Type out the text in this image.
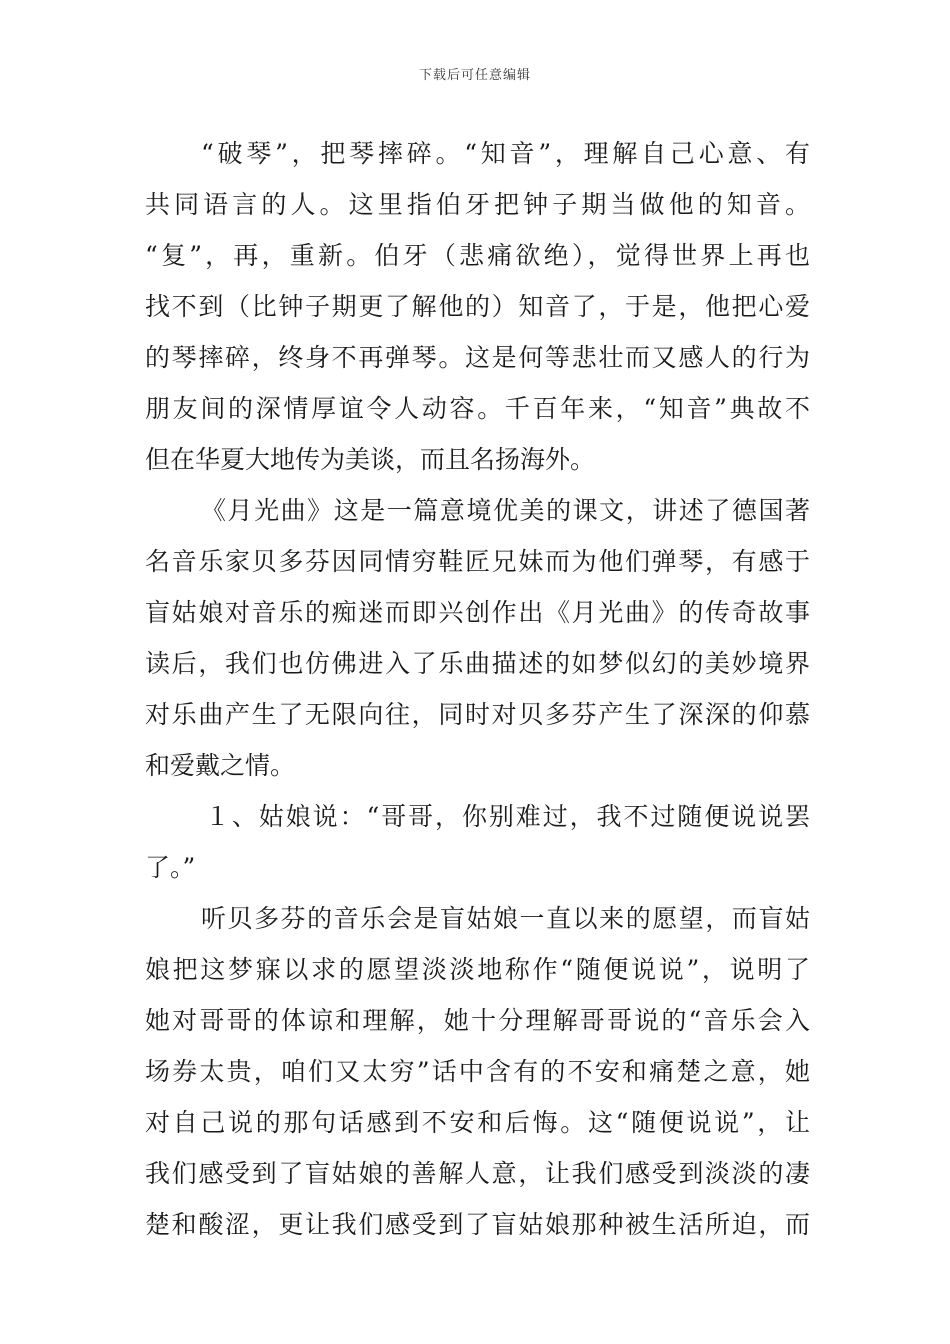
下载后可任意编辑
“破琴”，把琴摔碎。“知音”，理解自己心意、有
共同语言的人。这里指伯牙把钟子期当做他的知音。
“复”，再，重新。伯牙（悲痛欲绝），觉得世界上再也
找不到（比钟子期更了解他的）知音了，于是，他把心爱
的琴摔碎，终身不再弹琴。这是何等悲壮而又感人的行为
朋友间的深情厚谊令人动容。千百年来，“知音”典故不
但在华夏大地传为美谈，而且名扬海外。
《月光曲》这是一篇意境优美的课文，讲述了德国著
名音乐家贝多芬因同情穷鞋匠兄妹而为他们弹琴，有感于
盲姑娘对音乐的痴迷而即兴创作出《月光曲》的传奇故事
读后，我们也仿佛进入了乐曲描述的如梦似幻的美妙境界
对乐曲产生了无限向往，同时对贝多芬产生了深深的仰慕
和爱戴之情。
１、姑娘说：“哥哥，你别难过，我不过随便说说罢
了。”
听贝多芬的音乐会是盲姑娘一直以来的愿望，而盲姑
娘把这梦寐以求的愿望淡淡地称作“随便说说”，说明了
她对哥哥的体谅和理解，她十分理解哥哥说的“音乐会入
场券太贵，咱们又太穷”话中含有的不安和痛楚之意，她
对自己说的那句话感到不安和后悔。这“随便说说”，让
我们感受到了盲姑娘的善解人意，让我们感受到淡淡的凄
楚和酸涩，更让我们感受到了盲姑娘那种被生活所迫，而
